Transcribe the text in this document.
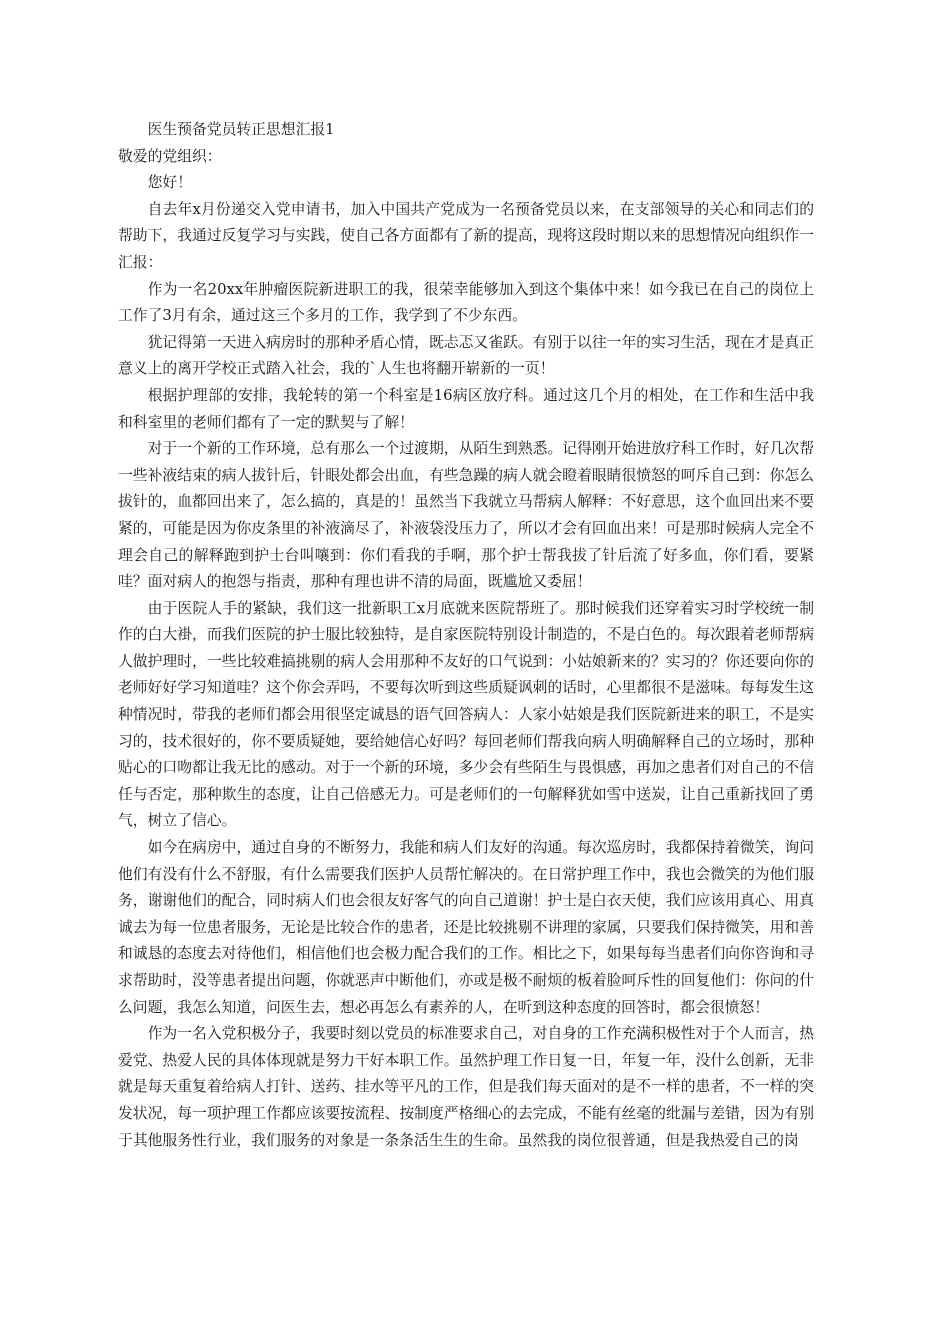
医生预备党员转正思想汇报1

敬爱的党组织：

您好！

自去年x月份递交入党申请书，加入中国共产党成为一名预备党员以来，在支部领导的关心和同志们的帮助下，我通过反复学习与实践，使自己各方面都有了新的提高，现将这段时期以来的思想情况向组织作一汇报：

作为一名20xx年肿瘤医院新进职工的我，很荣幸能够加入到这个集体中来！如今我已在自己的岗位上工作了3月有余，通过这三个多月的工作，我学到了不少东西。

犹记得第一天进入病房时的那种矛盾心情，既忐忑又雀跃。有别于以往一年的实习生活，现在才是真正意义上的离开学校正式踏入社会，我的`人生也将翻开崭新的一页！

根据护理部的安排，我轮转的第一个科室是16病区放疗科。通过这几个月的相处，在工作和生活中我和科室里的老师们都有了一定的默契与了解！

对于一个新的工作环境，总有那么一个过渡期，从陌生到熟悉。记得刚开始进放疗科工作时，好几次帮一些补液结束的病人拔针后，针眼处都会出血，有些急躁的病人就会瞪着眼睛很愤怒的呵斥自己到：你怎么拔针的，血都回出来了，怎么搞的，真是的！虽然当下我就立马帮病人解释：不好意思，这个血回出来不要紧的，可能是因为你皮条里的补液滴尽了，补液袋没压力了，所以才会有回血出来！可是那时候病人完全不理会自己的解释跑到护士台叫嚷到：你们看我的手啊，那个护士帮我拔了针后流了好多血，你们看，要紧哇？面对病人的抱怨与指责，那种有理也讲不清的局面，既尴尬又委屈！

由于医院人手的紧缺，我们这一批新职工x月底就来医院帮班了。那时候我们还穿着实习时学校统一制作的白大褂，而我们医院的护士服比较独特，是自家医院特别设计制造的，不是白色的。每次跟着老师帮病人做护理时，一些比较难搞挑剔的病人会用那种不友好的口气说到：小姑娘新来的？实习的？你还要向你的老师好好学习知道哇？这个你会弄吗，不要每次听到这些质疑讽刺的话时，心里都很不是滋味。每每发生这种情况时，带我的老师们都会用很坚定诚恳的语气回答病人：人家小姑娘是我们医院新进来的职工，不是实习的，技术很好的，你不要质疑她，要给她信心好吗？每回老师们帮我向病人明确解释自己的立场时，那种贴心的口吻都让我无比的感动。对于一个新的环境，多少会有些陌生与畏惧感，再加之患者们对自己的不信任与否定，那种欺生的态度，让自己倍感无力。可是老师们的一句解释犹如雪中送炭，让自己重新找回了勇气，树立了信心。

如今在病房中，通过自身的不断努力，我能和病人们友好的沟通。每次巡房时，我都保持着微笑，询问他们有没有什么不舒服，有什么需要我们医护人员帮忙解决的。在日常护理工作中，我也会微笑的为他们服务，谢谢他们的配合，同时病人们也会很友好客气的向自己道谢！护士是白衣天使，我们应该用真心、用真诚去为每一位患者服务，无论是比较合作的患者，还是比较挑剔不讲理的家属，只要我们保持微笑，用和善和诚恳的态度去对待他们，相信他们也会极力配合我们的工作。相比之下，如果每每当患者们向你咨询和寻求帮助时，没等患者提出问题，你就恶声中断他们，亦或是极不耐烦的板着脸呵斥性的回复他们：你问的什么问题，我怎么知道，问医生去，想必再怎么有素养的人，在听到这种态度的回答时，都会很愤怒！

作为一名入党积极分子，我要时刻以党员的标准要求自己，对自身的工作充满积极性对于个人而言，热爱党、热爱人民的具体体现就是努力干好本职工作。虽然护理工作日复一日，年复一年，没什么创新，无非就是每天重复着给病人打针、送药、挂水等平凡的工作，但是我们每天面对的是不一样的患者，不一样的突发状况，每一项护理工作都应该要按流程、按制度严格细心的去完成，不能有丝毫的纰漏与差错，因为有别于其他服务性行业，我们服务的对象是一条条活生生的生命。虽然我的岗位很普通，但是我热爱自己的岗
